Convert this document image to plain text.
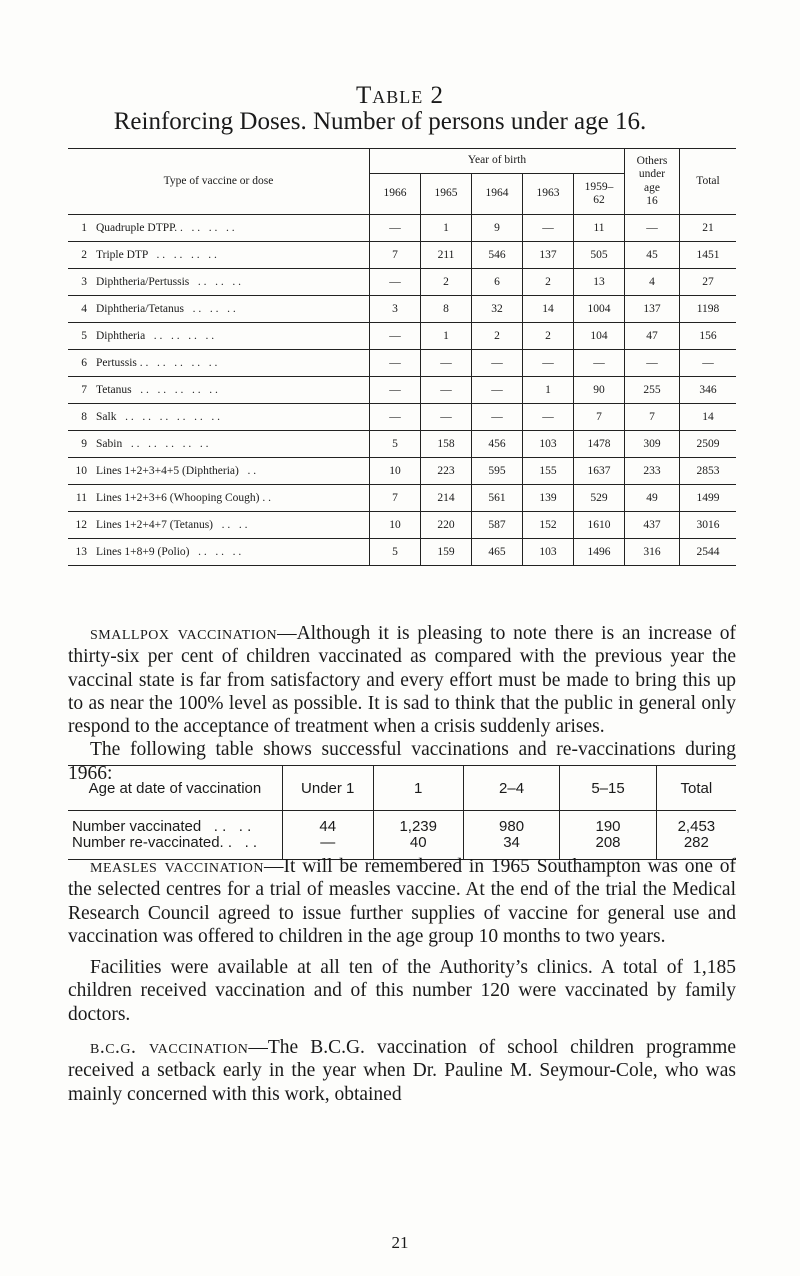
Table 2
Reinforcing Doses. Number of persons under age 16.
Type of vaccine or dose		Year of birth					Others
under
age
16	Total
		1966	1965	1964	1963	1959–
62		
1	Quadruple DTPP. .   . .   . .   . .	—	1	9	—	11	—	21
2	Triple DTP   . .   . .   . .   . .	7	211	546	137	505	45	1451
3	Diphtheria/Pertussis   . .   . .   . .	—	2	6	2	13	4	27
4	Diphtheria/Tetanus   . .   . .   . .	3	8	32	14	1004	137	1198
5	Diphtheria   . .   . .   . .   . .	—	1	2	2	104	47	156
6	Pertussis . .   . .   . .   . .   . .	—	—	—	—	—	—	—
7	Tetanus   . .   . .   . .   . .   . .	—	—	—	1	90	255	346
8	Salk   . .   . .   . .   . .   . .   . .	—	—	—	—	7	7	14
9	Sabin   . .   . .   . .   . .   . .	5	158	456	103	1478	309	2509
10	Lines 1+2+3+4+5 (Diphtheria)   . .	10	223	595	155	1637	233	2853
11	Lines 1+2+3+6 (Whooping Cough) . .	7	214	561	139	529	49	1499
12	Lines 1+2+4+7 (Tetanus)   . .   . .	10	220	587	152	1610	437	3016
13	Lines 1+8+9 (Polio)   . .   . .   . .	5	159	465	103	1496	316	2544

smallpox vaccination—Although it is pleasing to note there is an increase of thirty-six per cent of children vaccinated as compared with the previous year the vaccinal state is far from satisfactory and every effort must be made to bring this up to as near the 100% level as possible. It is sad to think that the public in general only respond to the acceptance of treatment when a crisis suddenly arises.

The following table shows successful vaccinations and re-vaccinations during 1966:

Age at date of vaccination	Under 1	1	2–4	5–15	Total
Number vaccinated   . .   . .	44	1,239	980	190	2,453
Number re-vaccinated. .   . .	—	40	34	208	282

measles vaccination—It will be remembered in 1965 Southampton was one of the selected centres for a trial of measles vaccine. At the end of the trial the Medical Research Council agreed to issue further supplies of vaccine for general use and vaccination was offered to children in the age group 10 months to two years.

Facilities were available at all ten of the Authority’s clinics. A total of 1,185 children received vaccination and of this number 120 were vaccinated by family doctors.

b.c.g. vaccination—The B.C.G. vaccination of school children programme received a setback early in the year when Dr. Pauline M. Seymour-Cole, who was mainly concerned with this work, obtained

21
